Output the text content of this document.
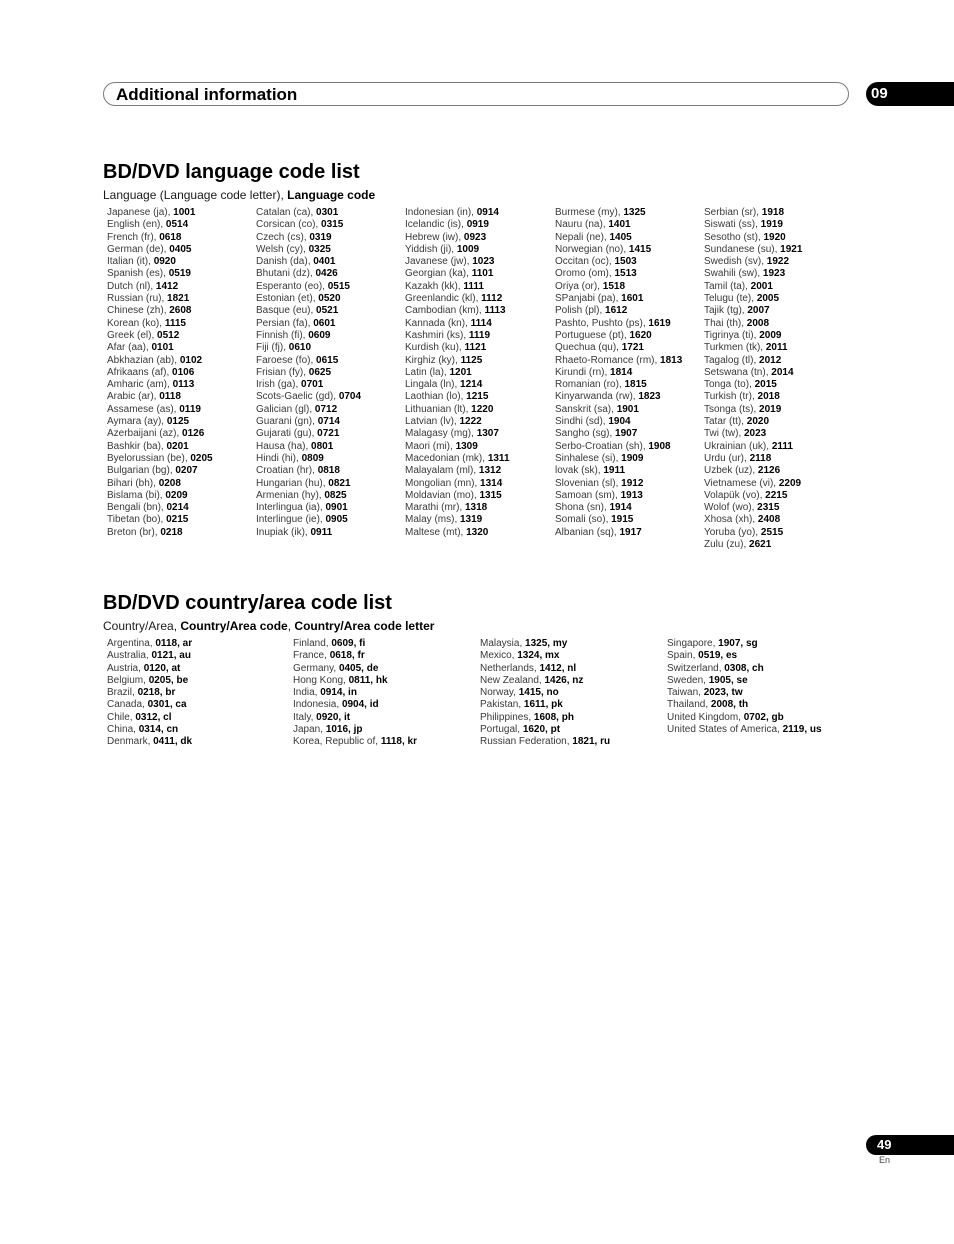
Additional information	09
BD/DVD language code list
Language (Language code letter), Language code
Japanese (ja), 1001
English (en), 0514
French (fr), 0618
German (de), 0405
Italian (it), 0920
Spanish (es), 0519
Dutch (nl), 1412
Russian (ru), 1821
Chinese (zh), 2608
Korean (ko), 1115
Greek (el), 0512
Afar (aa), 0101
Abkhazian (ab), 0102
Afrikaans (af), 0106
Amharic (am), 0113
Arabic (ar), 0118
Assamese (as), 0119
Aymara (ay), 0125
Azerbaijani (az), 0126
Bashkir (ba), 0201
Byelorussian (be), 0205
Bulgarian (bg), 0207
Bihari (bh), 0208
Bislama (bi), 0209
Bengali (bn), 0214
Tibetan (bo), 0215
Breton (br), 0218
Catalan (ca), 0301
Corsican (co), 0315
Czech (cs), 0319
Welsh (cy), 0325
Danish (da), 0401
Bhutani (dz), 0426
Esperanto (eo), 0515
Estonian (et), 0520
Basque (eu), 0521
Persian (fa), 0601
Finnish (fi), 0609
Fiji (fj), 0610
Faroese (fo), 0615
Frisian (fy), 0625
Irish (ga), 0701
Scots-Gaelic (gd), 0704
Galician (gl), 0712
Guarani (gn), 0714
Gujarati (gu), 0721
Hausa (ha), 0801
Hindi (hi), 0809
Croatian (hr), 0818
Hungarian (hu), 0821
Armenian (hy), 0825
Interlingua (ia), 0901
Interlingue (ie), 0905
Inupiak (ik), 0911
Indonesian (in), 0914
Icelandic (is), 0919
Hebrew (iw), 0923
Yiddish (ji), 1009
Javanese (jw), 1023
Georgian (ka), 1101
Kazakh (kk), 1111
Greenlandic (kl), 1112
Cambodian (km), 1113
Kannada (kn), 1114
Kashmiri (ks), 1119
Kurdish (ku), 1121
Kirghiz (ky), 1125
Latin (la), 1201
Lingala (ln), 1214
Laothian (lo), 1215
Lithuanian (lt), 1220
Latvian (lv), 1222
Malagasy (mg), 1307
Maori (mi), 1309
Macedonian (mk), 1311
Malayalam (ml), 1312
Mongolian (mn), 1314
Moldavian (mo), 1315
Marathi (mr), 1318
Malay (ms), 1319
Maltese (mt), 1320
Burmese (my), 1325
Nauru (na), 1401
Nepali (ne), 1405
Norwegian (no), 1415
Occitan (oc), 1503
Oromo (om), 1513
Oriya (or), 1518
SPanjabi (pa), 1601
Polish (pl), 1612
Pashto, Pushto (ps), 1619
Portuguese (pt), 1620
Quechua (qu), 1721
Rhaeto-Romance (rm), 1813
Kirundi (rn), 1814
Romanian (ro), 1815
Kinyarwanda (rw), 1823
Sanskrit (sa), 1901
Sindhi (sd), 1904
Sangho (sg), 1907
Serbo-Croatian (sh), 1908
Sinhalese (si), 1909
lovak (sk), 1911
Slovenian (sl), 1912
Samoan (sm), 1913
Shona (sn), 1914
Somali (so), 1915
Albanian (sq), 1917
Serbian (sr), 1918
Siswati (ss), 1919
Sesotho (st), 1920
Sundanese (su), 1921
Swedish (sv), 1922
Swahili (sw), 1923
Tamil (ta), 2001
Telugu (te), 2005
Tajik (tg), 2007
Thai (th), 2008
Tigrinya (ti), 2009
Turkmen (tk), 2011
Tagalog (tl), 2012
Setswana (tn), 2014
Tonga (to), 2015
Turkish (tr), 2018
Tsonga (ts), 2019
Tatar (tt), 2020
Twi (tw), 2023
Ukrainian (uk), 2111
Urdu (ur), 2118
Uzbek (uz), 2126
Vietnamese (vi), 2209
Volapük (vo), 2215
Wolof (wo), 2315
Xhosa (xh), 2408
Yoruba (yo), 2515
Zulu (zu), 2621
BD/DVD country/area code list
Country/Area, Country/Area code, Country/Area code letter
Argentina, 0118, ar
Australia, 0121, au
Austria, 0120, at
Belgium, 0205, be
Brazil, 0218, br
Canada, 0301, ca
Chile, 0312, cl
China, 0314, cn
Denmark, 0411, dk
Finland, 0609, fi
France, 0618, fr
Germany, 0405, de
Hong Kong, 0811, hk
India, 0914, in
Indonesia, 0904, id
Italy, 0920, it
Japan, 1016, jp
Korea, Republic of, 1118, kr
Malaysia, 1325, my
Mexico, 1324, mx
Netherlands, 1412, nl
New Zealand, 1426, nz
Norway, 1415, no
Pakistan, 1611, pk
Philippines, 1608, ph
Portugal, 1620, pt
Russian Federation, 1821, ru
Singapore, 1907, sg
Spain, 0519, es
Switzerland, 0308, ch
Sweden, 1905, se
Taiwan, 2023, tw
Thailand, 2008, th
United Kingdom, 0702, gb
United States of America, 2119, us
49
En
